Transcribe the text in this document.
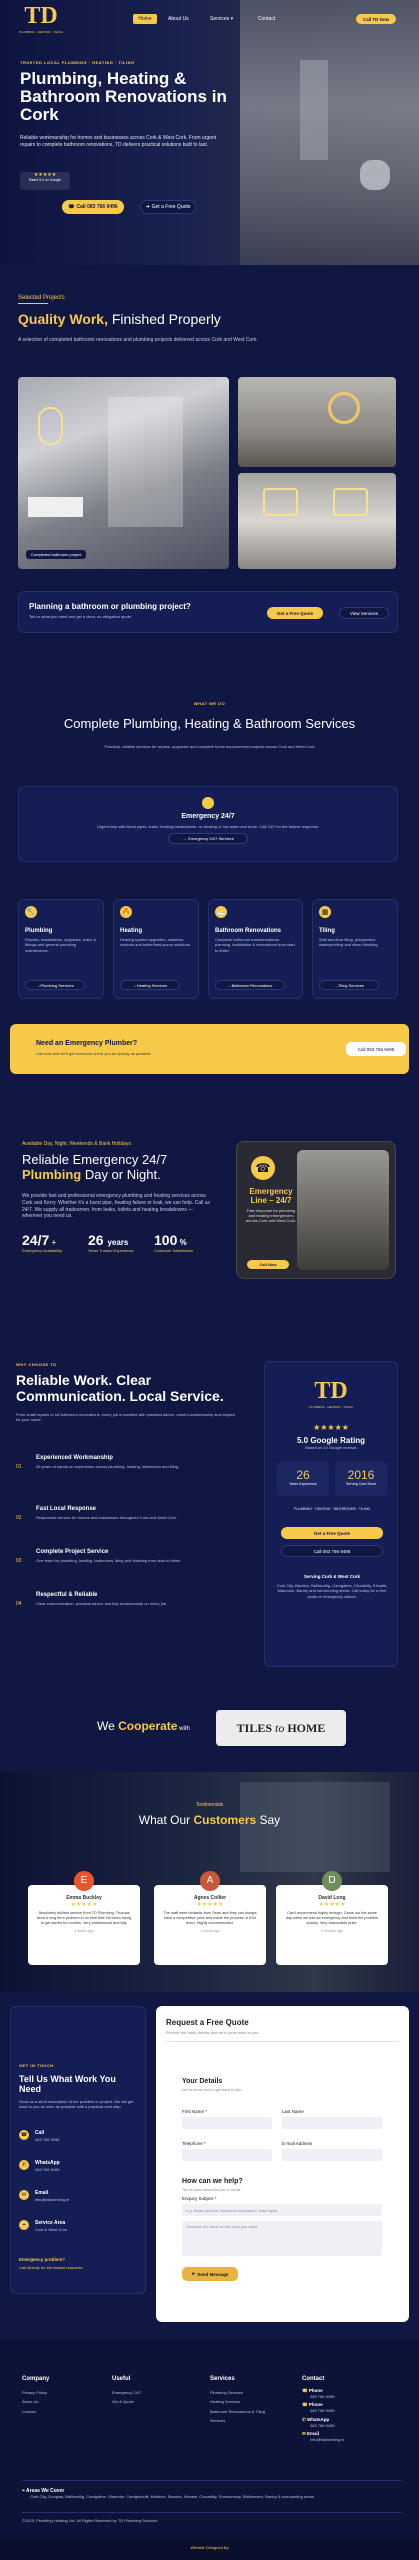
TD
PLUMBING · HEATING · TILING
Home	About Us	Services ▾	Contact	Call TD Now
TRUSTED LOCAL PLUMBING · HEATING · TILING
Plumbing, Heating & Bathroom Renovations in Cork
Reliable workmanship for homes and businesses across Cork & West Cork. From urgent repairs to complete bathroom renovations, TD delivers practical solutions built to last.
★★★★★
Rated 5.0 on Google
☎ Call 083 766 9496	➜ Get a Free Quote
Selected Projects
Quality Work, Finished Properly
A selection of completed bathroom renovations and plumbing projects delivered across Cork and West Cork.
Completed bathroom project
Planning a bathroom or plumbing project?
Tell us what you need and get a clear, no-obligation quote.
Get a Free Quote	View Services
WHAT WE DO
Complete Plumbing, Heating & Bathroom Services
Practical, reliable services for repairs, upgrades and complete home improvement projects across Cork and West Cork.
⚡
Emergency 24/7
Urgent help with burst pipes, leaks, heating breakdowns, no heating or hot water and more. Call 24/7 for the fastest response.
→ Emergency 24/7 Services
🔧
Plumbing
Repairs, installations, upgrades, leaks & fittings and general plumbing maintenance.
→ Plumbing Services
🔥
Heating
Heating system upgrades, radiators, controls and boiler/heat-pump solutions.
→ Heating Services
🛁
Bathroom Renovations
Complete bathroom transformations: planning, installation & renovations from start to finish.
→ Bathroom Renovations
▦
Tiling
Wall and floor tiling, preparation, waterproofing and clean finishing.
→ Tiling Services
Need an Emergency Plumber?
Call now and we'll get someone out to you as quickly as possible.
Call 083 766 9496
Available Day, Night, Weekends & Bank Holidays
Reliable Emergency 24/7 Plumbing Day or Night.
We provide fast and professional emergency plumbing and heating services across Cork and Kerry. Whether it's a burst pipe, heating failure or leak, we can help. Call us 24/7. We supply all tradesmen, from leaks, toilets and heating breakdowns — wherever you need us.
24/7 +
Emergency Availability
26 years
Years Trusted Experience
100 %
Customer Satisfaction
☎
Emergency Line – 24/7
Fast response for plumbing and heating emergencies across Cork and West Cork.
Call Now
WHY CHOOSE TD
Reliable Work. Clear Communication. Local Service.
From small repairs to full bathroom renovations, every job is handled with practical advice, careful workmanship and respect for your home.
01
Experienced Workmanship
26 years of hands-on experience across plumbing, heating, bathrooms and tiling.
02
Fast Local Response
Responsive service for homes and businesses throughout Cork and West Cork.
03
Complete Project Service
One team for plumbing, heating, bathrooms, tiling and finishing from start to finish.
04
Respectful & Reliable
Clear communication, practical advice and tidy workmanship on every job.
TD
PLUMBING · HEATING · TILING
★★★★★
5.0 Google Rating
Based on 10 Google reviews
26
Years Experience
2016
Serving Cork Since
PLUMBING · HEATING · BATHROOMS · TILING
Get a Free Quote
Call 083 766 9496
Serving Cork & West Cork
Cork City, Bandon, Ballincollig, Carrigaline, Clonakilty, Kinsale, Macroom, Bantry and surrounding areas. Call today for a free quote or emergency callout.
We Cooperate with	TILES
to
HOME
Testimonials
What Our Customers Say
E
Emma Buckley
★★★★★
Absolutely brilliant service from TD Plumbing. Thomas fixed a long term problem in no time that I've been trying to get sorted for months. Very professional and tidy.
3 weeks ago
A
Agnes Collier
★★★★★
The staff were fantastic from Sean and they can always have a competitive price and made the process of it for them. Highly recommended.
1 month ago
D
David Long
★★★★★
Can't recommend highly enough. Came out the same day when we had an emergency and fixed the problem quickly. Very reasonable price.
2 months ago
GET IN TOUCH
Tell Us What Work You Need
Send us a short description of the problem or project. We will get back to you as soon as possible with a practical next step.
☎	Call
083 766 9496
✆	WhatsApp
083 766 9496
✉	Email
info@tdplumbing.ie
⌖	Service Area
Cork & West Cork
Emergency problem?
Call directly for the fastest response.
Request a Free Quote
Provide the basic details and we'll come back to you.
Your Details
Let us know how to get back to you.
First Name *	Last Name
Telephone *	E-mail Address
How can we help?
Tell us more about the job or repair.
Enquiry Subject *
e.g. Boiler service, bathroom renovation, leak repair
Describe the issue or the work you need
➤ Send Message
Company
Privacy Policy
About Us
Contact
Useful
Emergency 24/7
Get A Quote
Services
Plumbing Services
Heating Services
Bathroom Renovations & Tiling
Services
Contact
☎ Phone
083 766 9496
☎ Phone
083 766 9496
✆ WhatsApp
083 766 9496
✉ Email
info@tdplumbing.ie
⌖ Areas We Cover
Cork City, Douglas, Ballincollig, Carrigaline, Glanmire, Carrigtwohill, Midleton, Bandon, Kinsale, Clonakilty, Dunmanway, Skibbereen, Bantry & surrounding areas.
©2025, Plumbing Heating Ltd. All Rights Reserved by TD Plumbing Services
Website Designed By
